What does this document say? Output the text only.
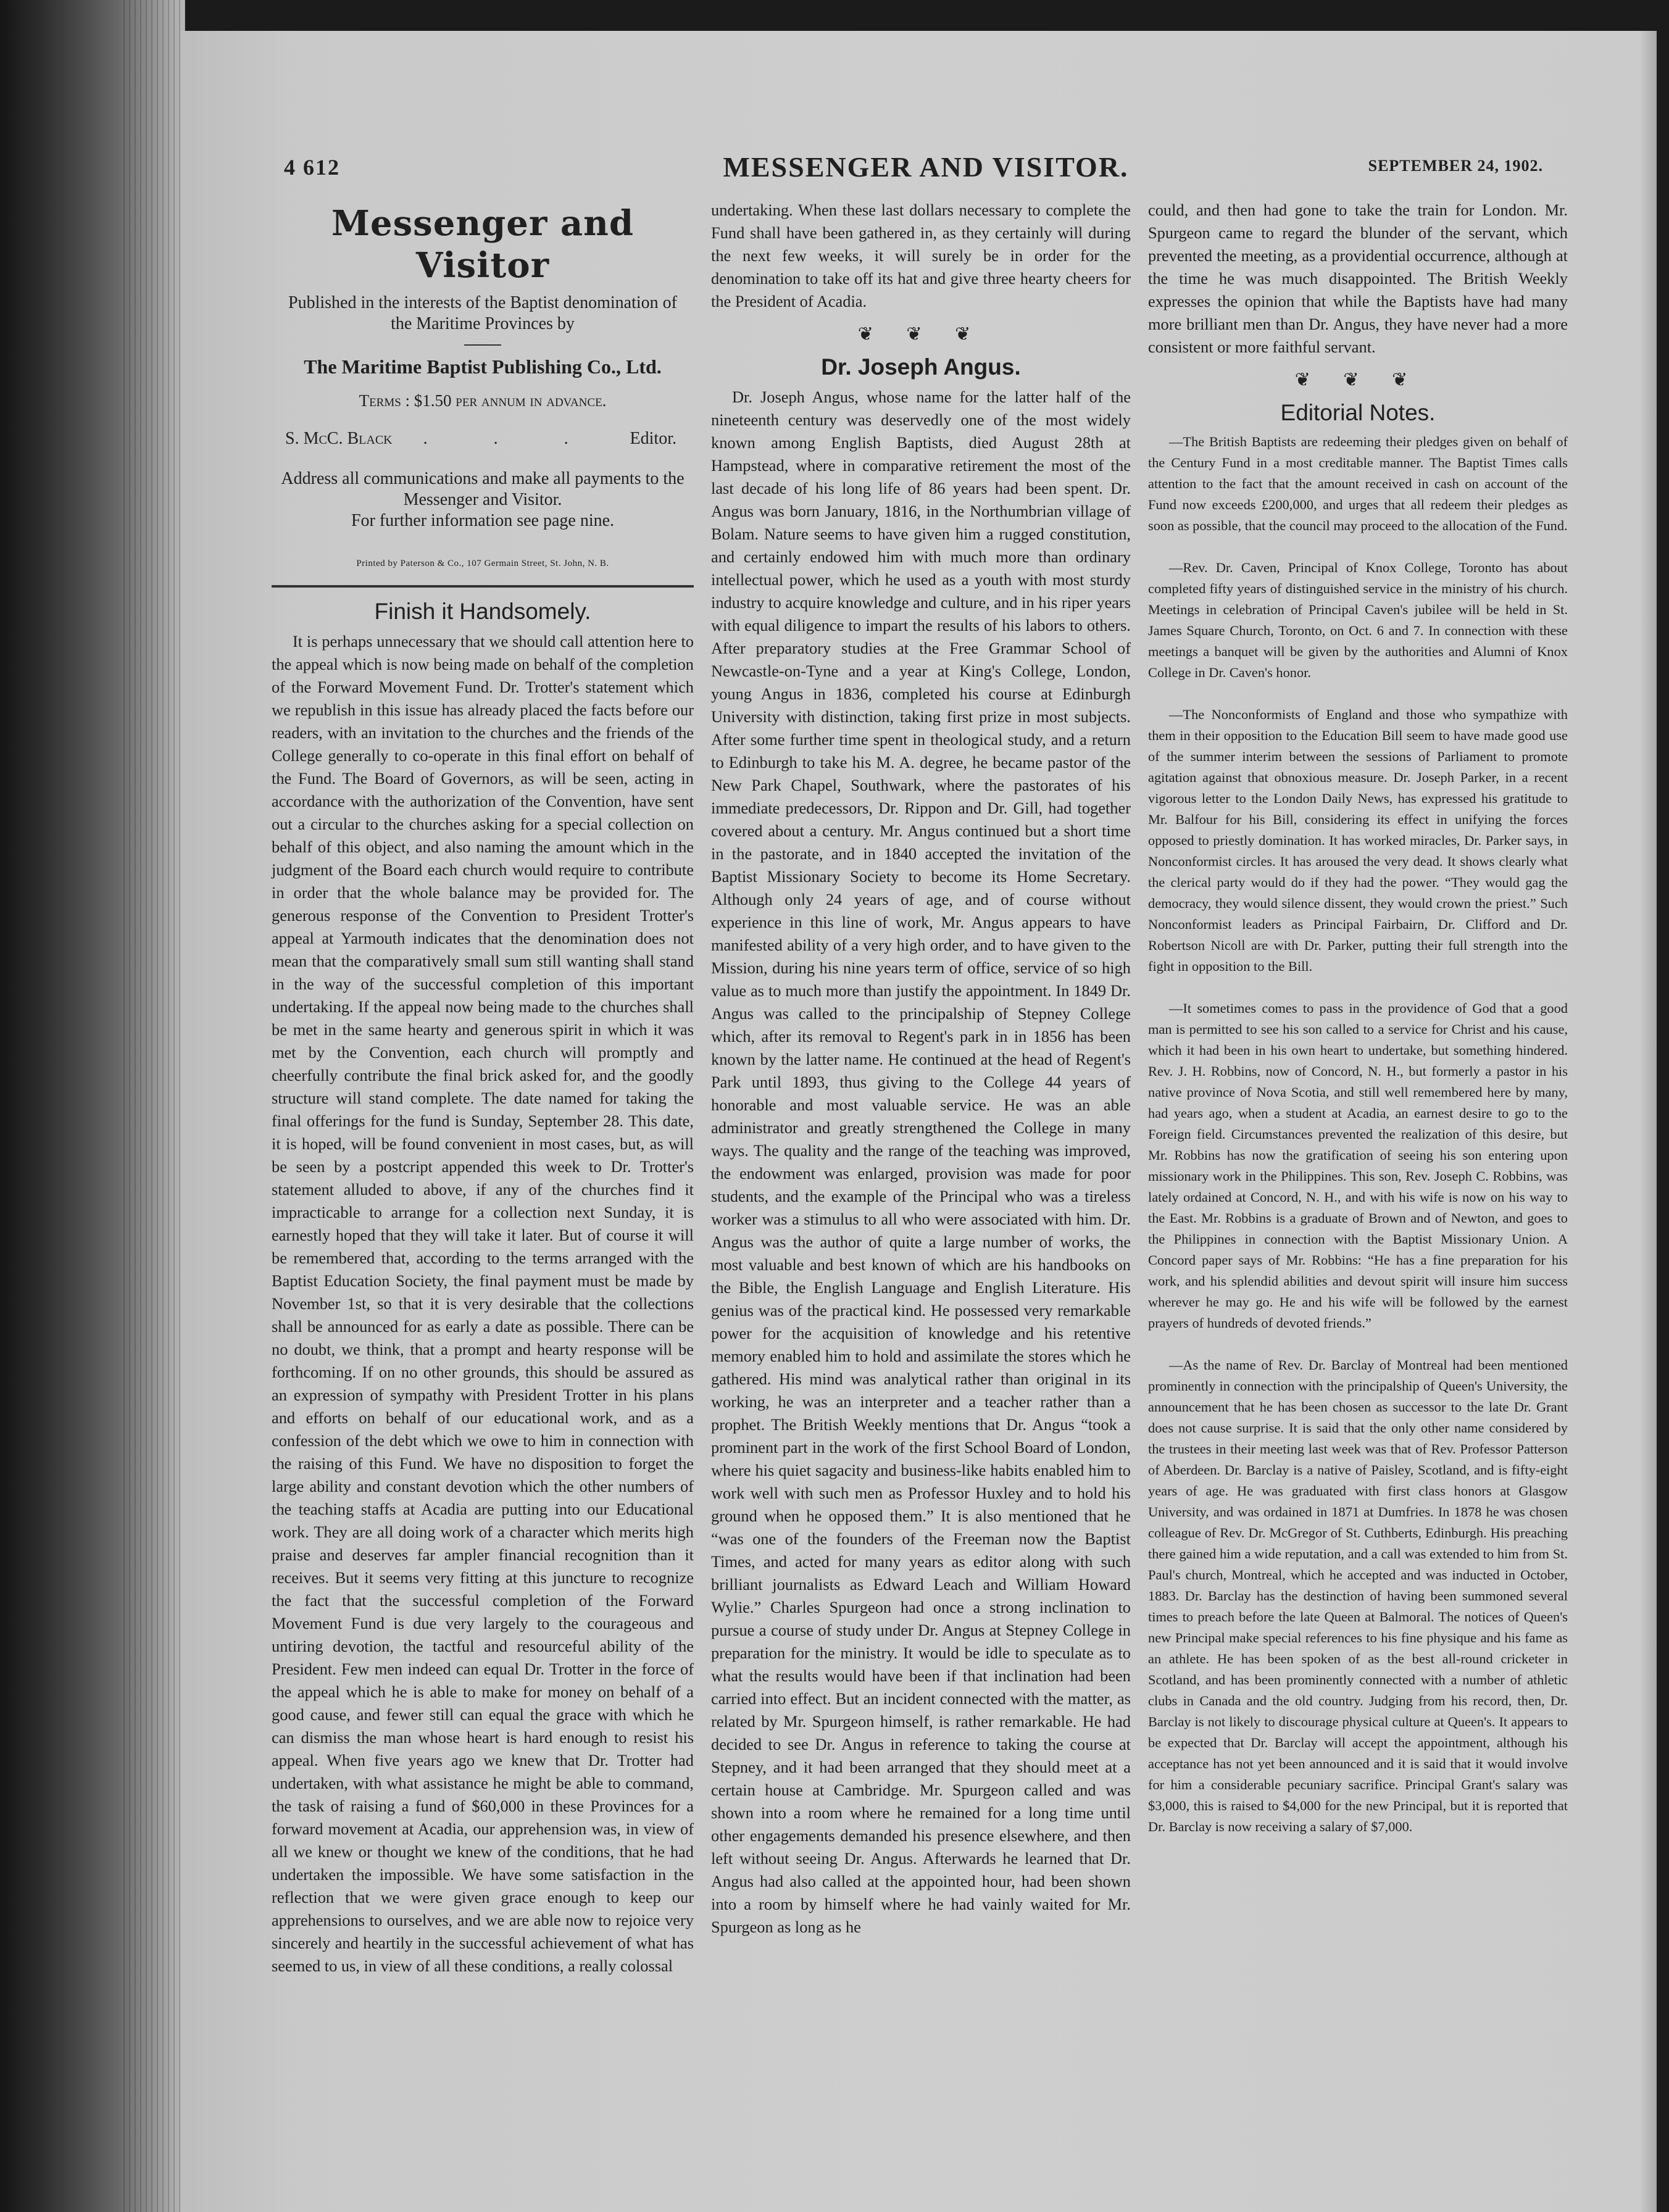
4 612	MESSENGER AND VISITOR.	SEPTEMBER 24, 1902.
Messenger and Visitor
Published in the interests of the Baptist denomination of the Maritime Provinces by
The Maritime Baptist Publishing Co., Ltd.
Terms : $1.50 per annum in advance.
S. McC. Black . . . Editor.
Address all communications and make all payments to the Messenger and Visitor.
For further information see page nine.
Printed by Paterson & Co., 107 Germain Street, St. John, N. B.
Finish it Handsomely.

It is perhaps unnecessary that we should call attention here to the appeal which is now being made on behalf of the completion of the Forward Movement Fund. Dr. Trotter's statement which we republish in this issue has already placed the facts before our readers, with an invitation to the churches and the friends of the College generally to co-operate in this final effort on behalf of the Fund. The Board of Governors, as will be seen, acting in accordance with the authorization of the Convention, have sent out a circular to the churches asking for a special collection on behalf of this object, and also naming the amount which in the judgment of the Board each church would require to contribute in order that the whole balance may be provided for. The generous response of the Convention to President Trotter's appeal at Yarmouth indicates that the denomination does not mean that the comparatively small sum still wanting shall stand in the way of the successful completion of this important undertaking. If the appeal now being made to the churches shall be met in the same hearty and generous spirit in which it was met by the Convention, each church will promptly and cheerfully contribute the final brick asked for, and the goodly structure will stand complete. The date named for taking the final offerings for the fund is Sunday, September 28. This date, it is hoped, will be found convenient in most cases, but, as will be seen by a postcript appended this week to Dr. Trotter's statement alluded to above, if any of the churches find it impracticable to arrange for a collection next Sunday, it is earnestly hoped that they will take it later. But of course it will be remembered that, according to the terms arranged with the Baptist Education Society, the final payment must be made by November 1st, so that it is very desirable that the collections shall be announced for as early a date as possible. There can be no doubt, we think, that a prompt and hearty response will be forthcoming. If on no other grounds, this should be assured as an expression of sympathy with President Trotter in his plans and efforts on behalf of our educational work, and as a confession of the debt which we owe to him in connection with the raising of this Fund. We have no disposition to forget the large ability and constant devotion which the other numbers of the teaching staffs at Acadia are putting into our Educational work. They are all doing work of a character which merits high praise and deserves far ampler financial recognition than it receives. But it seems very fitting at this juncture to recognize the fact that the successful completion of the Forward Movement Fund is due very largely to the courageous and untiring devotion, the tactful and resourceful ability of the President. Few men indeed can equal Dr. Trotter in the force of the appeal which he is able to make for money on behalf of a good cause, and fewer still can equal the grace with which he can dismiss the man whose heart is hard enough to resist his appeal. When five years ago we knew that Dr. Trotter had undertaken, with what assistance he might be able to command, the task of raising a fund of $60,000 in these Provinces for a forward movement at Acadia, our apprehension was, in view of all we knew or thought we knew of the conditions, that he had undertaken the impossible. We have some satisfaction in the reflection that we were given grace enough to keep our apprehensions to ourselves, and we are able now to rejoice very sincerely and heartily in the successful achievement of what has seemed to us, in view of all these conditions, a really colossal

undertaking. When these last dollars necessary to complete the Fund shall have been gathered in, as they certainly will during the next few weeks, it will surely be in order for the denomination to take off its hat and give three hearty cheers for the President of Acadia.

❦ ❦ ❦
Dr. Joseph Angus.

Dr. Joseph Angus, whose name for the latter half of the nineteenth century was deservedly one of the most widely known among English Baptists, died August 28th at Hampstead, where in comparative retirement the most of the last decade of his long life of 86 years had been spent. Dr. Angus was born January, 1816, in the Northumbrian village of Bolam. Nature seems to have given him a rugged constitution, and certainly endowed him with much more than ordinary intellectual power, which he used as a youth with most sturdy industry to acquire knowledge and culture, and in his riper years with equal diligence to impart the results of his labors to others. After preparatory studies at the Free Grammar School of Newcastle-on-Tyne and a year at King's College, London, young Angus in 1836, completed his course at Edinburgh University with distinction, taking first prize in most subjects. After some further time spent in theological study, and a return to Edinburgh to take his M. A. degree, he became pastor of the New Park Chapel, Southwark, where the pastorates of his immediate predecessors, Dr. Rippon and Dr. Gill, had together covered about a century. Mr. Angus continued but a short time in the pastorate, and in 1840 accepted the invitation of the Baptist Missionary Society to become its Home Secretary. Although only 24 years of age, and of course without experience in this line of work, Mr. Angus appears to have manifested ability of a very high order, and to have given to the Mission, during his nine years term of office, service of so high value as to much more than justify the appointment. In 1849 Dr. Angus was called to the principalship of Stepney College which, after its removal to Regent's park in in 1856 has been known by the latter name. He continued at the head of Regent's Park until 1893, thus giving to the College 44 years of honorable and most valuable service. He was an able administrator and greatly strengthened the College in many ways. The quality and the range of the teaching was improved, the endowment was enlarged, provision was made for poor students, and the example of the Principal who was a tireless worker was a stimulus to all who were associated with him. Dr. Angus was the author of quite a large number of works, the most valuable and best known of which are his handbooks on the Bible, the English Language and English Literature. His genius was of the practical kind. He possessed very remarkable power for the acquisition of knowledge and his retentive memory enabled him to hold and assimilate the stores which he gathered. His mind was analytical rather than original in its working, he was an interpreter and a teacher rather than a prophet. The British Weekly mentions that Dr. Angus “took a prominent part in the work of the first School Board of London, where his quiet sagacity and business-like habits enabled him to work well with such men as Professor Huxley and to hold his ground when he opposed them.” It is also mentioned that he “was one of the founders of the Freeman now the Baptist Times, and acted for many years as editor along with such brilliant journalists as Edward Leach and William Howard Wylie.” Charles Spurgeon had once a strong inclination to pursue a course of study under Dr. Angus at Stepney College in preparation for the ministry. It would be idle to speculate as to what the results would have been if that inclination had been carried into effect. But an incident connected with the matter, as related by Mr. Spurgeon himself, is rather remarkable. He had decided to see Dr. Angus in reference to taking the course at Stepney, and it had been arranged that they should meet at a certain house at Cambridge. Mr. Spurgeon called and was shown into a room where he remained for a long time until other engagements demanded his presence elsewhere, and then left without seeing Dr. Angus. Afterwards he learned that Dr. Angus had also called at the appointed hour, had been shown into a room by himself where he had vainly waited for Mr. Spurgeon as long as he

could, and then had gone to take the train for London. Mr. Spurgeon came to regard the blunder of the servant, which prevented the meeting, as a providential occurrence, although at the time he was much disappointed. The British Weekly expresses the opinion that while the Baptists have had many more brilliant men than Dr. Angus, they have never had a more consistent or more faithful servant.

❦ ❦ ❦
Editorial Notes.

—The British Baptists are redeeming their pledges given on behalf of the Century Fund in a most creditable manner. The Baptist Times calls attention to the fact that the amount received in cash on account of the Fund now exceeds £200,000, and urges that all redeem their pledges as soon as possible, that the council may proceed to the allocation of the Fund.

—Rev. Dr. Caven, Principal of Knox College, Toronto has about completed fifty years of distinguished service in the ministry of his church. Meetings in celebration of Principal Caven's jubilee will be held in St. James Square Church, Toronto, on Oct. 6 and 7. In connection with these meetings a banquet will be given by the authorities and Alumni of Knox College in Dr. Caven's honor.

—The Nonconformists of England and those who sympathize with them in their opposition to the Education Bill seem to have made good use of the summer interim between the sessions of Parliament to promote agitation against that obnoxious measure. Dr. Joseph Parker, in a recent vigorous letter to the London Daily News, has expressed his gratitude to Mr. Balfour for his Bill, considering its effect in unifying the forces opposed to priestly domination. It has worked miracles, Dr. Parker says, in Nonconformist circles. It has aroused the very dead. It shows clearly what the clerical party would do if they had the power. “They would gag the democracy, they would silence dissent, they would crown the priest.” Such Nonconformist leaders as Principal Fairbairn, Dr. Clifford and Dr. Robertson Nicoll are with Dr. Parker, putting their full strength into the fight in opposition to the Bill.

—It sometimes comes to pass in the providence of God that a good man is permitted to see his son called to a service for Christ and his cause, which it had been in his own heart to undertake, but something hindered. Rev. J. H. Robbins, now of Concord, N. H., but formerly a pastor in his native province of Nova Scotia, and still well remembered here by many, had years ago, when a student at Acadia, an earnest desire to go to the Foreign field. Circumstances prevented the realization of this desire, but Mr. Robbins has now the gratification of seeing his son entering upon missionary work in the Philippines. This son, Rev. Joseph C. Robbins, was lately ordained at Concord, N. H., and with his wife is now on his way to the East. Mr. Robbins is a graduate of Brown and of Newton, and goes to the Philippines in connection with the Baptist Missionary Union. A Concord paper says of Mr. Robbins: “He has a fine preparation for his work, and his splendid abilities and devout spirit will insure him success wherever he may go. He and his wife will be followed by the earnest prayers of hundreds of devoted friends.”

—As the name of Rev. Dr. Barclay of Montreal had been mentioned prominently in connection with the principalship of Queen's University, the announcement that he has been chosen as successor to the late Dr. Grant does not cause surprise. It is said that the only other name considered by the trustees in their meeting last week was that of Rev. Professor Patterson of Aberdeen. Dr. Barclay is a native of Paisley, Scotland, and is fifty-eight years of age. He was graduated with first class honors at Glasgow University, and was ordained in 1871 at Dumfries. In 1878 he was chosen colleague of Rev. Dr. McGregor of St. Cuthberts, Edinburgh. His preaching there gained him a wide reputation, and a call was extended to him from St. Paul's church, Montreal, which he accepted and was inducted in October, 1883. Dr. Barclay has the destinction of having been summoned several times to preach before the late Queen at Balmoral. The notices of Queen's new Principal make special references to his fine physique and his fame as an athlete. He has been spoken of as the best all-round cricketer in Scotland, and has been prominently connected with a number of athletic clubs in Canada and the old country. Judging from his record, then, Dr. Barclay is not likely to discourage physical culture at Queen's. It appears to be expected that Dr. Barclay will accept the appointment, although his acceptance has not yet been announced and it is said that it would involve for him a considerable pecuniary sacrifice. Principal Grant's salary was $3,000, this is raised to $4,000 for the new Principal, but it is reported that Dr. Barclay is now receiving a salary of $7,000.
